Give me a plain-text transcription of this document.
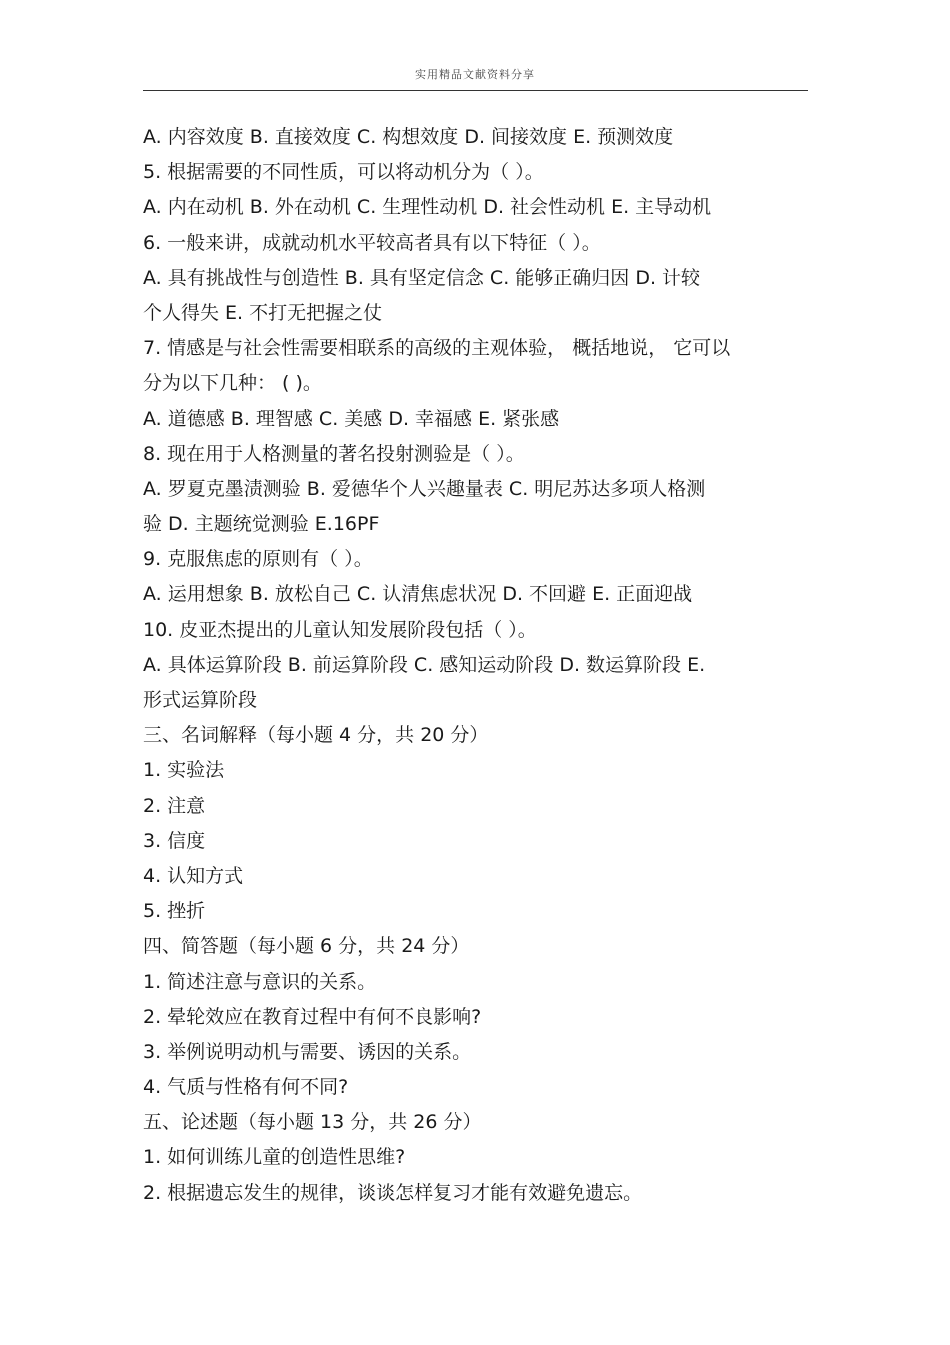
实用精品文献资料分享
A. 内容效度 B. 直接效度 C. 构想效度 D. 间接效度 E. 预测效度
5. 根据需要的不同性质，可以将动机分为（ ）。
A. 内在动机 B. 外在动机 C. 生理性动机 D. 社会性动机 E. 主导动机
6. 一般来讲，成就动机水平较高者具有以下特征（ ）。
A. 具有挑战性与创造性 B. 具有坚定信念 C. 能够正确归因 D. 计较
个人得失 E. 不打无把握之仗
7. 情感是与社会性需要相联系的高级的主观体验， 概括地说， 它可以
分为以下几种： ( )。
A. 道德感 B. 理智感 C. 美感 D. 幸福感 E. 紧张感
8. 现在用于人格测量的著名投射测验是（ ）。
A. 罗夏克墨渍测验 B. 爱德华个人兴趣量表 C. 明尼苏达多项人格测
验 D. 主题统觉测验 E.16PF
9. 克服焦虑的原则有（ ）。
A. 运用想象 B. 放松自己 C. 认清焦虑状况 D. 不回避 E. 正面迎战
10. 皮亚杰提出的儿童认知发展阶段包括（ ）。
A. 具体运算阶段 B. 前运算阶段 C. 感知运动阶段 D. 数运算阶段 E.
形式运算阶段
三、名词解释（每小题 4 分，共 20 分）
1. 实验法
2. 注意
3. 信度
4. 认知方式
5. 挫折
四、简答题（每小题 6 分，共 24 分）
1. 简述注意与意识的关系。
2. 晕轮效应在教育过程中有何不良影响?
3. 举例说明动机与需要、诱因的关系。
4. 气质与性格有何不同?
五、论述题（每小题 13 分，共 26 分）
1. 如何训练儿童的创造性思维?
2. 根据遗忘发生的规律，谈谈怎样复习才能有效避免遗忘。
